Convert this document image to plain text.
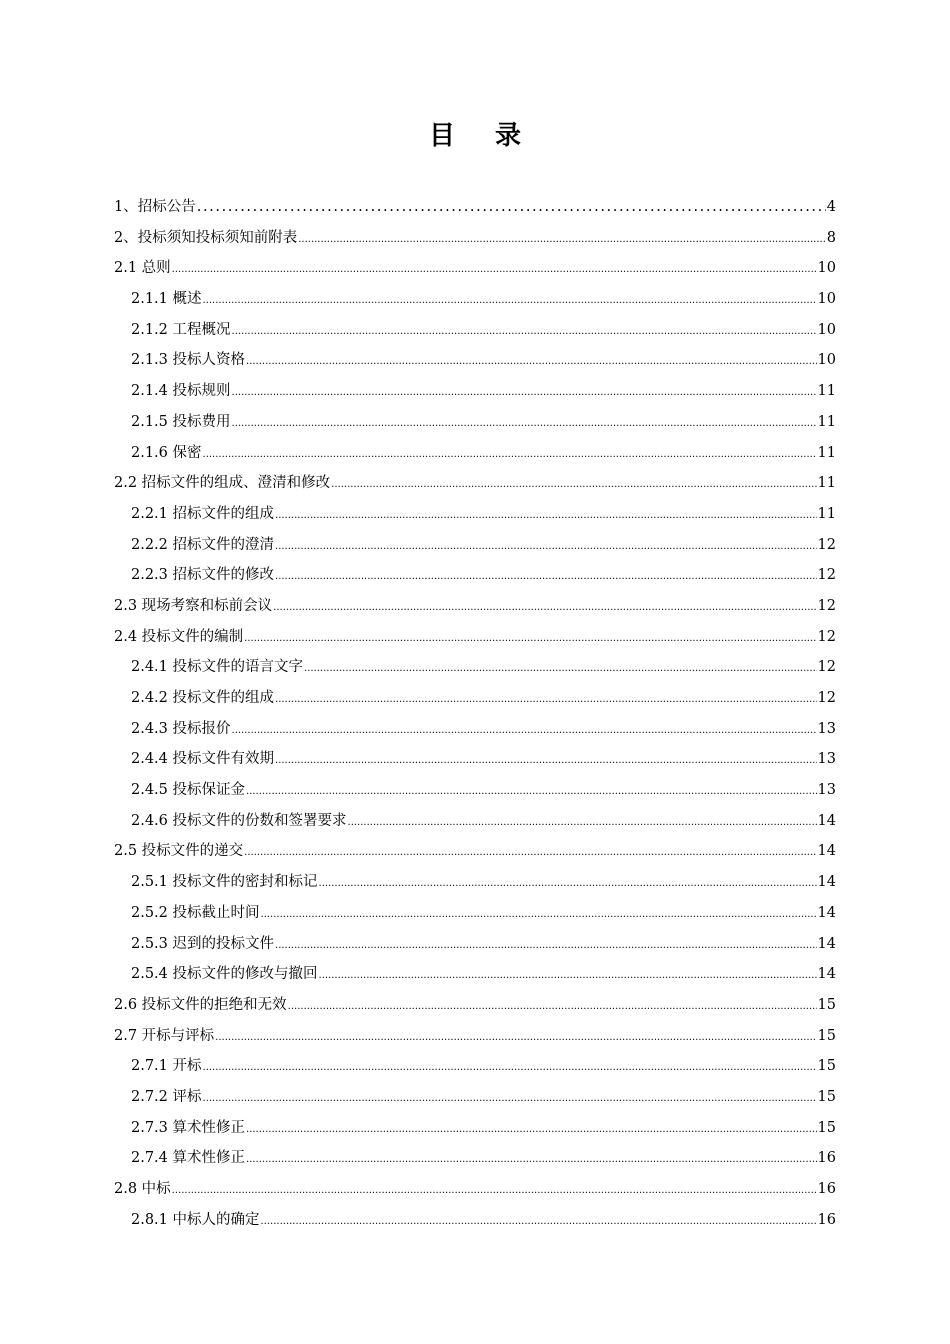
目 录
1、招标公告 .....	4
2、投标须知投标须知前附表 .....	8
2.1 总则 .....	10
2.1.1 概述 .....	10
2.1.2 工程概况 .....	10
2.1.3 投标人资格 .....	10
2.1.4 投标规则 .....	11
2.1.5 投标费用 .....	11
2.1.6 保密 .....	11
2.2 招标文件的组成、澄清和修改 .....	11
2.2.1 招标文件的组成 .....	11
2.2.2 招标文件的澄清 .....	12
2.2.3 招标文件的修改 .....	12
2.3 现场考察和标前会议 .....	12
2.4 投标文件的编制 .....	12
2.4.1 投标文件的语言文字 .....	12
2.4.2 投标文件的组成 .....	12
2.4.3 投标报价 .....	13
2.4.4 投标文件有效期 .....	13
2.4.5 投标保证金 .....	13
2.4.6 投标文件的份数和签署要求 .....	14
2.5 投标文件的递交 .....	14
2.5.1 投标文件的密封和标记 .....	14
2.5.2 投标截止时间 .....	14
2.5.3 迟到的投标文件 .....	14
2.5.4 投标文件的修改与撤回 .....	14
2.6 投标文件的拒绝和无效 .....	15
2.7 开标与评标 .....	15
2.7.1 开标 .....	15
2.7.2 评标 .....	15
2.7.3 算术性修正 .....	15
2.7.4 算术性修正 .....	16
2.8 中标 .....	16
2.8.1 中标人的确定 .....	16
